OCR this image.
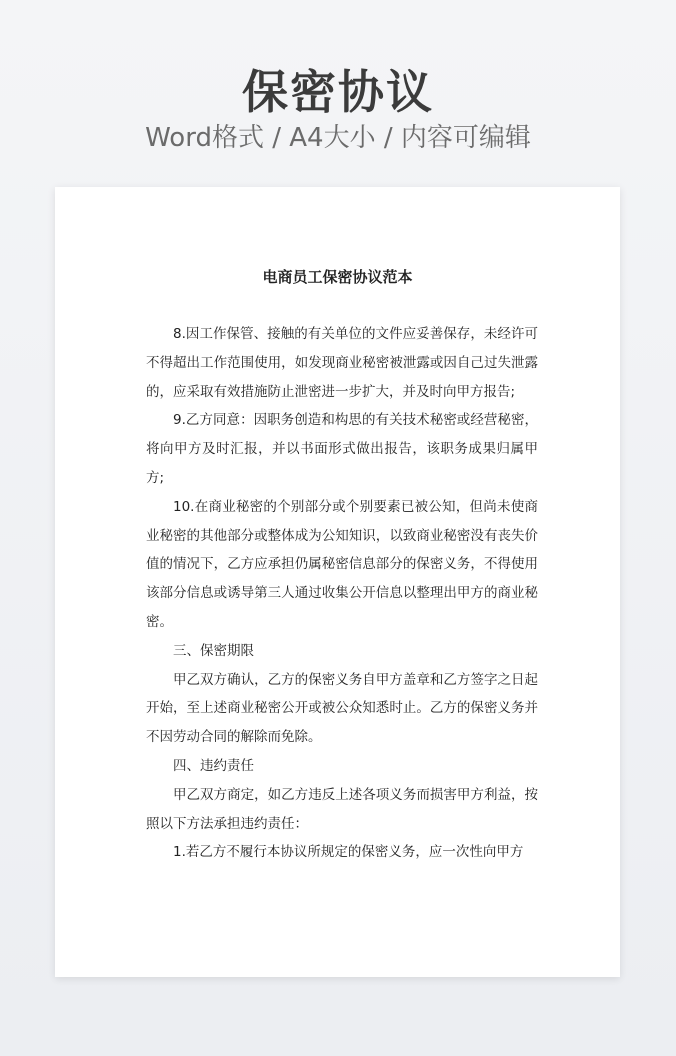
保密协议
Word格式 / A4大小 / 内容可编辑
电商员工保密协议范本

8.因工作保管、接触的有关单位的文件应妥善保存，未经许可不得超出工作范围使用，如发现商业秘密被泄露或因自己过失泄露的，应采取有效措施防止泄密进一步扩大，并及时向甲方报告;

9.乙方同意：因职务创造和构思的有关技术秘密或经营秘密，将向甲方及时汇报，并以书面形式做出报告，该职务成果归属甲方;

10.在商业秘密的个别部分或个别要素已被公知，但尚未使商业秘密的其他部分或整体成为公知知识，以致商业秘密没有丧失价值的情况下，乙方应承担仍属秘密信息部分的保密义务，不得使用该部分信息或诱导第三人通过收集公开信息以整理出甲方的商业秘密。

三、保密期限

甲乙双方确认，乙方的保密义务自甲方盖章和乙方签字之日起开始，至上述商业秘密公开或被公众知悉时止。乙方的保密义务并不因劳动合同的解除而免除。

四、违约责任

甲乙双方商定，如乙方违反上述各项义务而损害甲方利益，按照以下方法承担违约责任：

1.若乙方不履行本协议所规定的保密义务，应一次性向甲方
